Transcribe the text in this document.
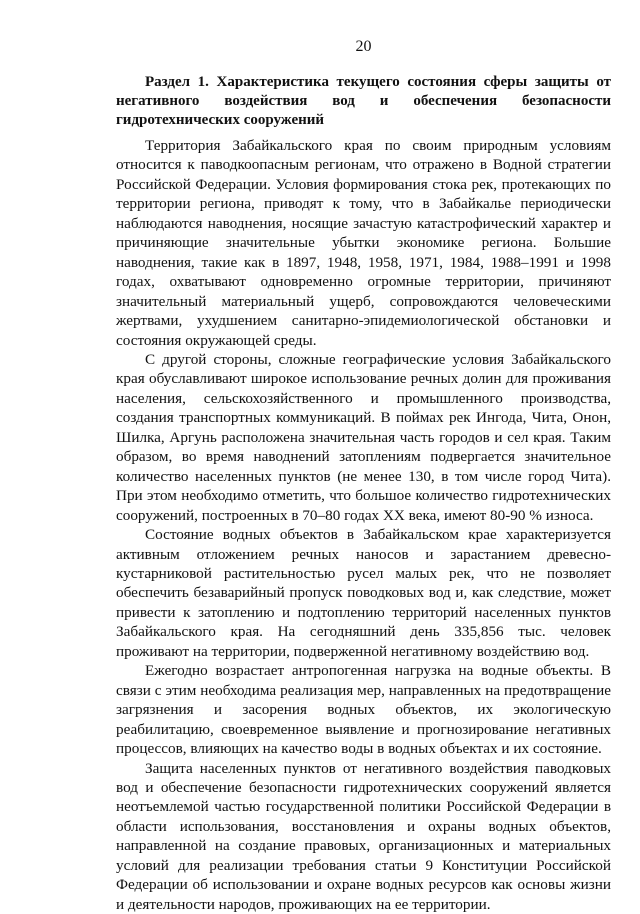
20
Раздел 1. Характеристика текущего состояния сферы защиты от негативного воздействия вод и обеспечения безопасности гидротехнических сооружений

Территория Забайкальского края по своим природным условиям относится к паводкоопасным регионам, что отражено в Водной стратегии Российской Федерации. Условия формирования стока рек, протекающих по территории региона, приводят к тому, что в Забайкалье периодически наблюдаются наводнения, носящие зачастую катастрофический характер и причиняющие значительные убытки экономике региона. Большие наводнения, такие как в 1897, 1948, 1958, 1971, 1984, 1988–1991 и 1998 годах, охватывают одновременно огромные территории, причиняют значительный материальный ущерб, сопровождаются человеческими жертвами, ухудшением санитарно-эпидемиологической обстановки и состояния окружающей среды.

С другой стороны, сложные географические условия Забайкальского края обуславливают широкое использование речных долин для проживания населения, сельскохозяйственного и промышленного производства, создания транспортных коммуникаций. В поймах рек Ингода, Чита, Онон, Шилка, Аргунь расположена значительная часть городов и сел края. Таким образом, во время наводнений затоплениям подвергается значительное количество населенных пунктов (не менее 130, в том числе город Чита). При этом необходимо отметить, что большое количество гидротехнических сооружений, построенных в 70–80 годах XX века, имеют 80-90 % износа.

Состояние водных объектов в Забайкальском крае характеризуется активным отложением речных наносов и зарастанием древесно-кустарниковой растительностью русел малых рек, что не позволяет обеспечить безаварийный пропуск поводковых вод и, как следствие, может привести к затоплению и подтоплению территорий населенных пунктов Забайкальского края. На сегодняшний день 335,856 тыс. человек проживают на территории, подверженной негативному воздействию вод.

Ежегодно возрастает антропогенная нагрузка на водные объекты. В связи с этим необходима реализация мер, направленных на предотвращение загрязнения и засорения водных объектов, их экологическую реабилитацию, своевременное выявление и прогнозирование негативных процессов, влияющих на качество воды в водных объектах и их состояние.

Защита населенных пунктов от негативного воздействия паводковых вод и обеспечение безопасности гидротехнических сооружений является неотъемлемой частью государственной политики Российской Федерации в области использования, восстановления и охраны водных объектов, направленной на создание правовых, организационных и материальных условий для реализации требования статьи 9 Конституции Российской Федерации об использовании и охране водных ресурсов как основы жизни и деятельности народов, проживающих на ее территории.
